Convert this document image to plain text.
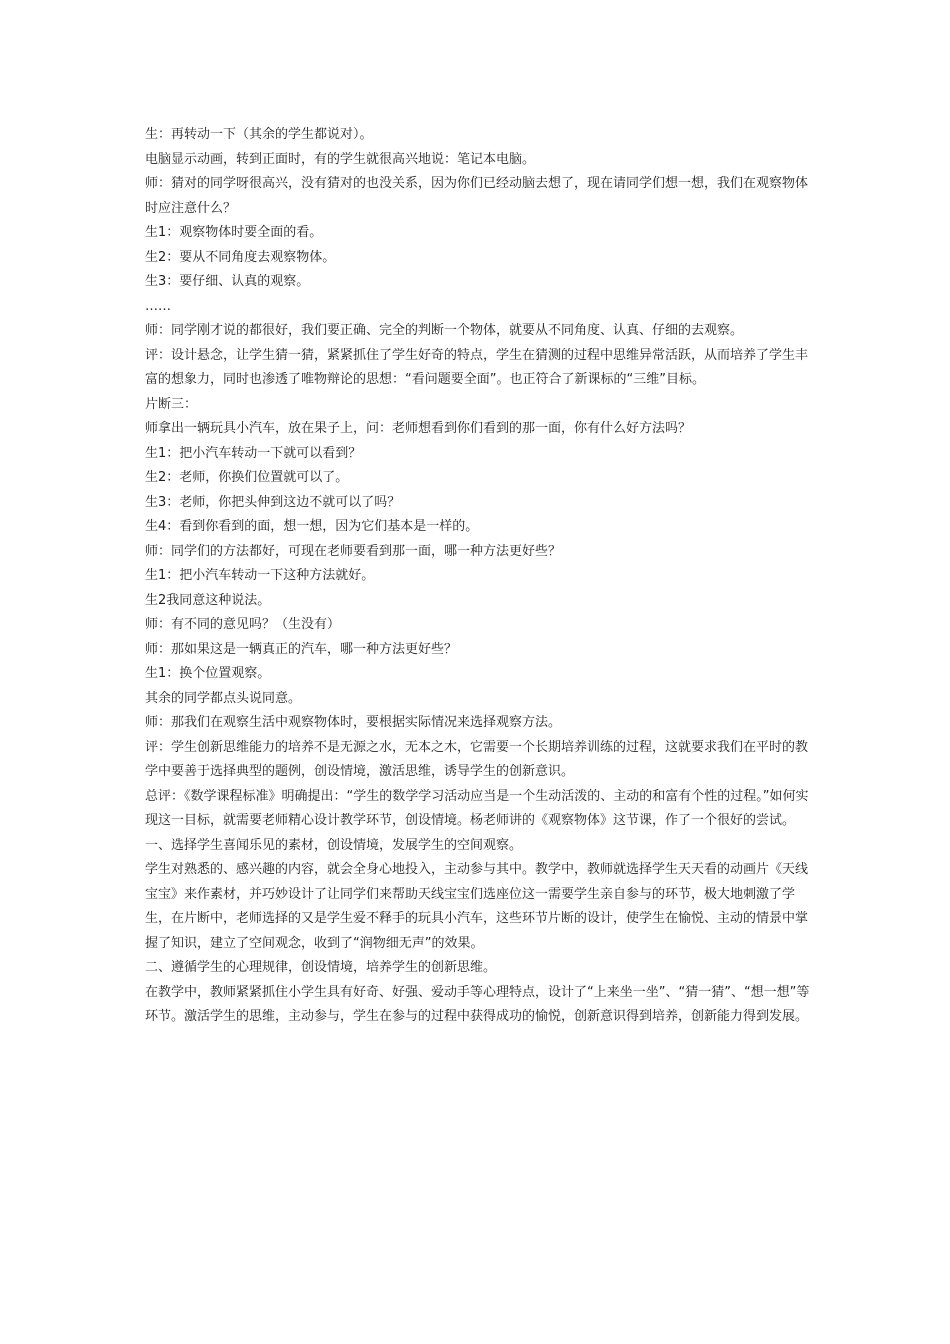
生：再转动一下（其余的学生都说对）。

电脑显示动画，转到正面时，有的学生就很高兴地说：笔记本电脑。

师：猜对的同学呀很高兴，没有猜对的也没关系，因为你们已经动脑去想了，现在请同学们想一想，我们在观察物体时应注意什么？

生1：观察物体时要全面的看。

生2：要从不同角度去观察物体。

生3：要仔细、认真的观察。

……

师：同学刚才说的都很好，我们要正确、完全的判断一个物体，就要从不同角度、认真、仔细的去观察。

评：设计悬念，让学生猜一猜，紧紧抓住了学生好奇的特点，学生在猜测的过程中思维异常活跃，从而培养了学生丰富的想象力，同时也渗透了唯物辩论的思想：“看问题要全面”。也正符合了新课标的“三维”目标。

片断三：

师拿出一辆玩具小汽车，放在果子上，问：老师想看到你们看到的那一面，你有什么好方法吗？

生1：把小汽车转动一下就可以看到？

生2：老师，你换们位置就可以了。

生3：老师，你把头伸到这边不就可以了吗？

生4：看到你看到的面，想一想，因为它们基本是一样的。

师：同学们的方法都好，可现在老师要看到那一面，哪一种方法更好些？

生1：把小汽车转动一下这种方法就好。

生2我同意这种说法。

师：有不同的意见吗？（生没有）

师：那如果这是一辆真正的汽车，哪一种方法更好些？

生1：换个位置观察。

其余的同学都点头说同意。

师：那我们在观察生活中观察物体时，要根据实际情况来选择观察方法。

评：学生创新思维能力的培养不是无源之水，无本之木，它需要一个长期培养训练的过程，这就要求我们在平时的教学中要善于选择典型的题例，创设情境，激活思维，诱导学生的创新意识。

总评：《数学课程标准》明确提出：“学生的数学学习活动应当是一个生动活泼的、主动的和富有个性的过程。”如何实现这一目标，就需要老师精心设计教学环节，创设情境。杨老师讲的《观察物体》这节课，作了一个很好的尝试。

一、选择学生喜闻乐见的素材，创设情境，发展学生的空间观察。

学生对熟悉的、感兴趣的内容，就会全身心地投入，主动参与其中。教学中，教师就选择学生天天看的动画片《天线宝宝》来作素材，并巧妙设计了让同学们来帮助天线宝宝们选座位这一需要学生亲自参与的环节，极大地刺激了学生，在片断中，老师选择的又是学生爱不释手的玩具小汽车，这些环节片断的设计，使学生在愉悦、主动的情景中掌握了知识，建立了空间观念，收到了“润物细无声”的效果。

二、遵循学生的心理规律，创设情境，培养学生的创新思维。

在教学中，教师紧紧抓住小学生具有好奇、好强、爱动手等心理特点，设计了“上来坐一坐”、“猜一猜”、“想一想”等环节。激活学生的思维，主动参与，学生在参与的过程中获得成功的愉悦，创新意识得到培养，创新能力得到发展。
